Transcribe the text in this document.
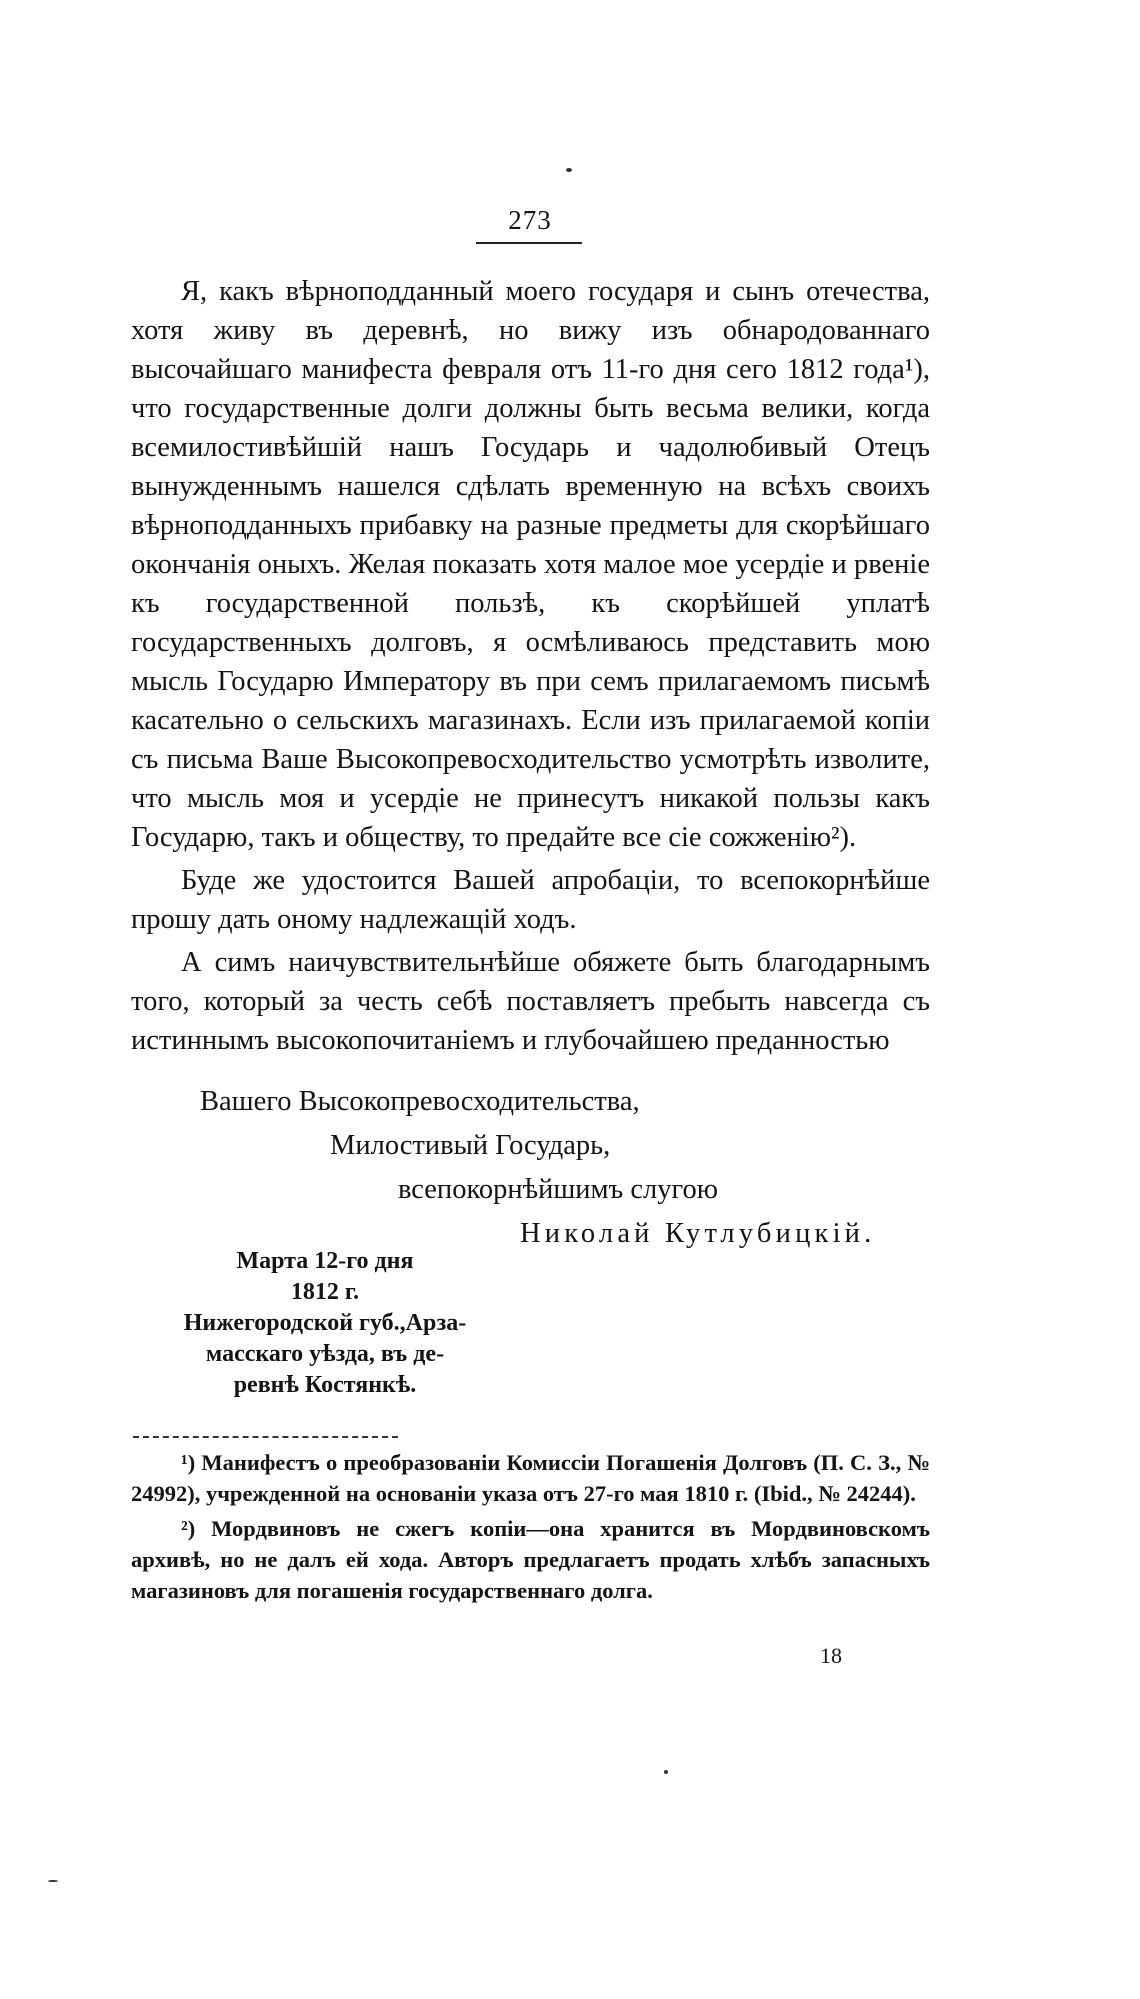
273

Я, какъ вѣрноподданный моего государя и сынъ отечества, хотя живу въ деревнѣ, но вижу изъ обнародованнаго высочайшаго манифеста февраля отъ 11-го дня сего 1812 года¹), что государственные долги должны быть весьма велики, когда всемилостивѣйшій нашъ Государь и чадолюбивый Отецъ вынужденнымъ нашелся сдѣлать временную на всѣхъ своихъ вѣрноподданныхъ прибавку на разные предметы для скорѣйшаго окончанія оныхъ. Желая показать хотя малое мое усердіе и рвеніе къ государственной пользѣ, къ скорѣйшей уплатѣ государственныхъ долговъ, я осмѣливаюсь представить мою мысль Государю Императору въ при семъ прилагаемомъ письмѣ касательно о сельскихъ магазинахъ. Если изъ прилагаемой копіи съ письма Ваше Высокопревосходительство усмотрѣть изволите, что мысль моя и усердіе не принесутъ никакой пользы какъ Государю, такъ и обществу, то предайте все сіе сожженію²).

Буде же удостоится Вашей апробаціи, то всепокорнѣйше прошу дать оному надлежащій ходъ.

А симъ наичувствительнѣйше обяжете быть благодарнымъ того, который за честь себѣ поставляетъ пребыть навсегда съ истиннымъ высокопочитаніемъ и глубочайшею преданностью

Вашего Высокопревосходительства,
Милостивый Государь,
всепокорнѣйшимъ слугою
Николай Кутлубицкій.
Марта 12-го дня
1812 г.
Нижегородской губ.,Арза-
масскаго уѣзда, въ де-
ревнѣ Костянкѣ.

¹) Манифестъ о преобразованіи Комиссіи Погашенія Долговъ (П. С. З., № 24992), учрежденной на основаніи указа отъ 27-го мая 1810 г. (Ibid., № 24244).

²) Мордвиновъ не сжегъ копіи—она хранится въ Мордвиновскомъ архивѣ, но не далъ ей хода. Авторъ предлагаетъ продать хлѣбъ запасныхъ магазиновъ для погашенія государственнаго долга.

18
